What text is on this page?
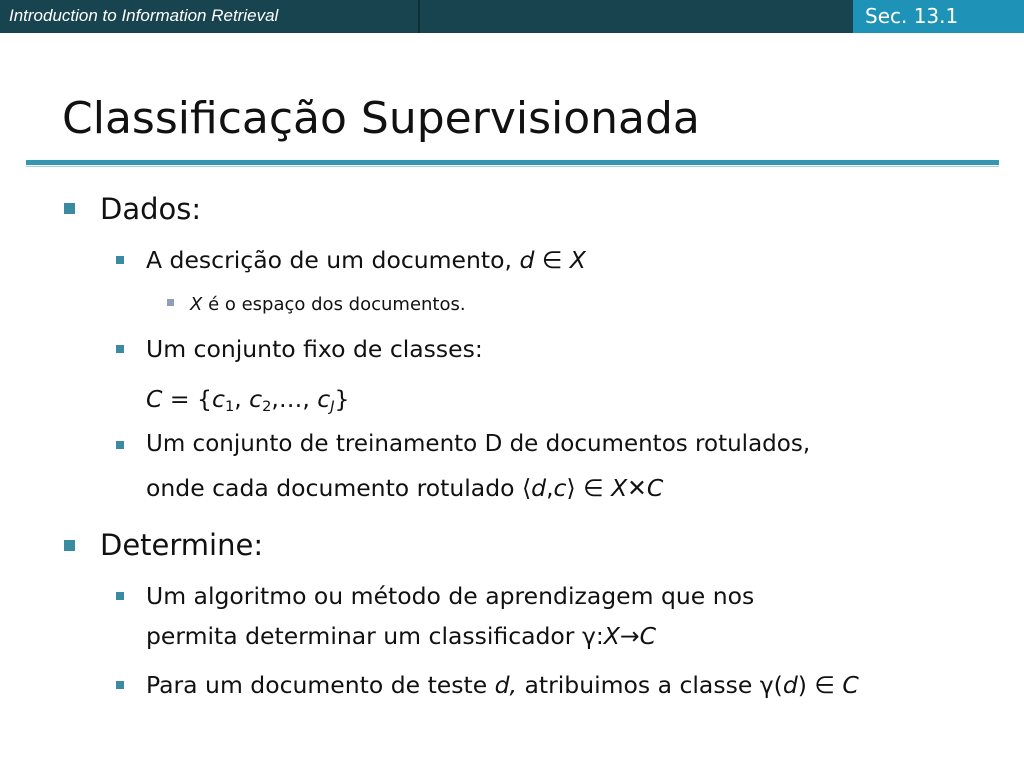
Introduction to Information Retrieval	Sec. 13.1
Classificação Supervisionada
Dados:
A descrição de um documento, d ∈ X
X é o espaço dos documentos.
Um conjunto fixo de classes:
$C = \{c_1$, $c_2,\dots$, $c_J$}
Um conjunto de treinamento D de documentos rotulados,
onde cada documento rotulado ⟨d,c⟩ ∈ X✕C
Determine:
Um algoritmo ou método de aprendizagem que nos
permita determinar um classificador γ:X→C
Para um documento de teste d, atribuimos a classe γ(d) ∈ C
